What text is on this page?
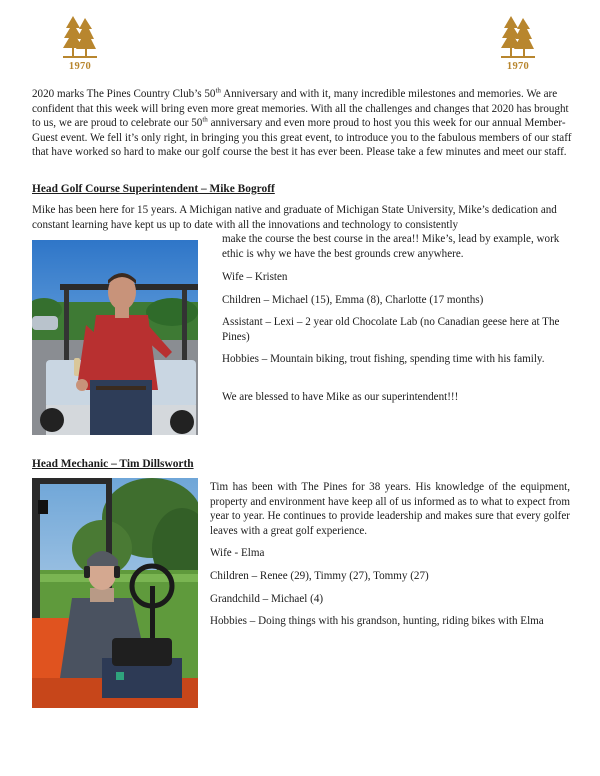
1970	1970

2020 marks The Pines Country Club’s 50th Anniversary and with it, many incredible milestones and memories. We are confident that this week will bring even more great memories. With all the challenges and changes that 2020 has brought to us, we are proud to celebrate our 50th anniversary and even more proud to host you this week for our annual Member-Guest event. We fell it’s only right, in bringing you this great event, to introduce you to the fabulous members of our staff that have worked so hard to make our golf course the best it has ever been. Please take a few minutes and meet our staff.

Head Golf Course Superintendent – Mike Bogroff

Mike has been here for 15 years. A Michigan native and graduate of Michigan State University, Mike’s dedication and constant learning have kept us up to date with all the innovations and technology to consistently

make the course the best course in the area!! Mike’s, lead by example, work ethic is why we have the best grounds crew anywhere.

Wife – Kristen

Children – Michael (15), Emma (8), Charlotte (17 months)

Assistant – Lexi – 2 year old Chocolate Lab (no Canadian geese here at The Pines)

Hobbies – Mountain biking, trout fishing, spending time with his family.

We are blessed to have Mike as our superintendent!!!

Head Mechanic – Tim Dillsworth

Tim has been with The Pines for 38 years. His knowledge of the equipment, property and environment have keep all of us informed as to what to expect from year to year. He continues to provide leadership and makes sure that every golfer leaves with a great golf experience.

Wife - Elma

Children – Renee (29), Timmy (27), Tommy (27)

Grandchild – Michael (4)

Hobbies – Doing things with his grandson, hunting, riding bikes with Elma
